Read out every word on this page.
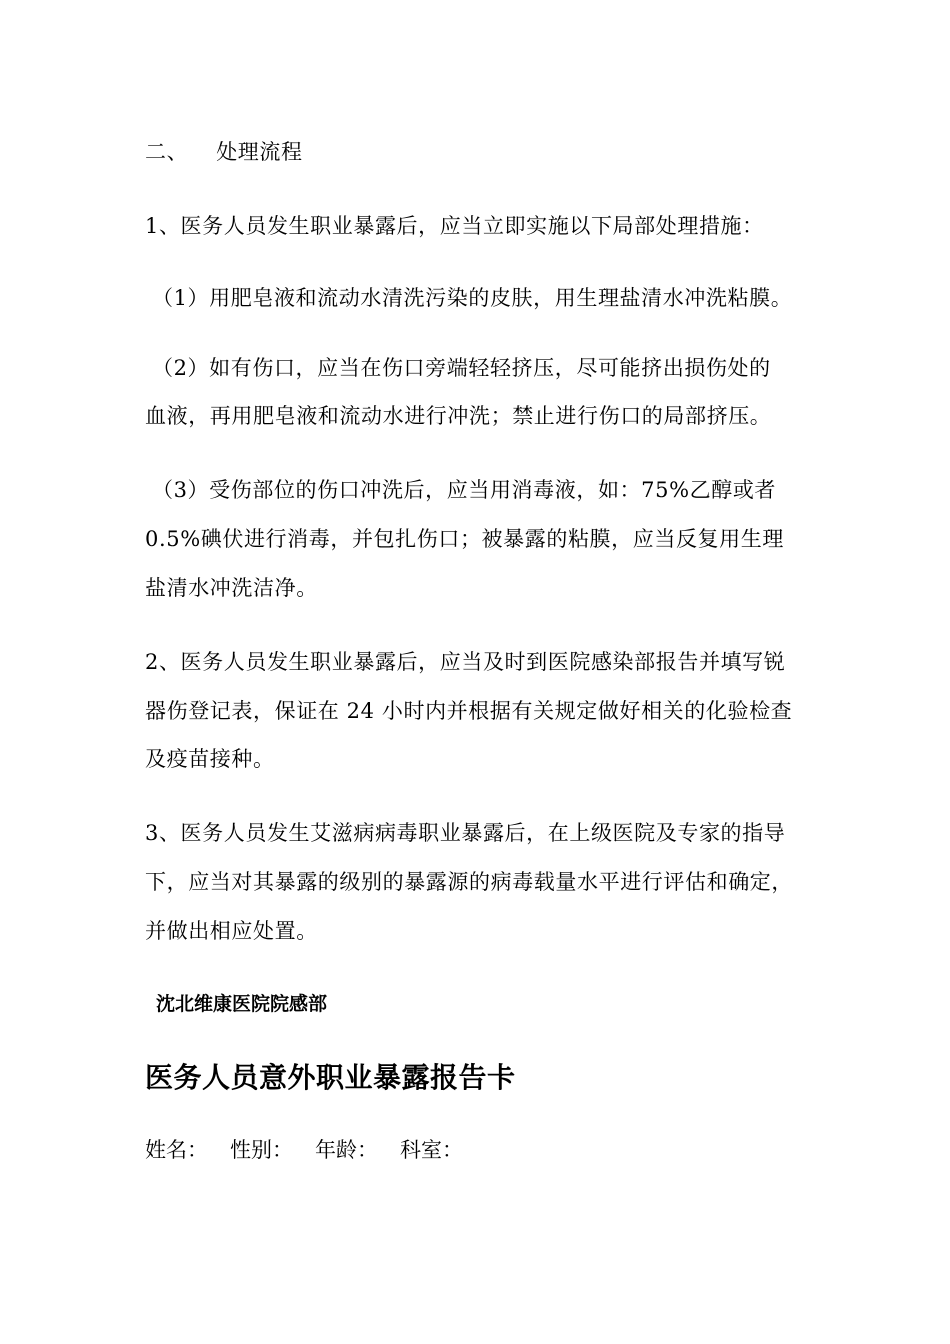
二、 处理流程
1、医务人员发生职业暴露后，应当立即实施以下局部处理措施：
（1）用肥皂液和流动水清洗污染的皮肤，用生理盐清水冲洗粘膜。
（2）如有伤口，应当在伤口旁端轻轻挤压，尽可能挤出损伤处的
血液，再用肥皂液和流动水进行冲洗；禁止进行伤口的局部挤压。
（3）受伤部位的伤口冲洗后，应当用消毒液，如：75%乙醇或者
0.5%碘伏进行消毒，并包扎伤口；被暴露的粘膜，应当反复用生理
盐清水冲洗洁净。
2、医务人员发生职业暴露后，应当及时到医院感染部报告并填写锐
器伤登记表，保证在 24 小时内并根据有关规定做好相关的化验检查
及疫苗接种。
3、医务人员发生艾滋病病毒职业暴露后，在上级医院及专家的指导
下，应当对其暴露的级别的暴露源的病毒载量水平进行评估和确定，
并做出相应处置。
沈北维康医院院感部
医务人员意外职业暴露报告卡
姓名： 性别： 年龄： 科室：
